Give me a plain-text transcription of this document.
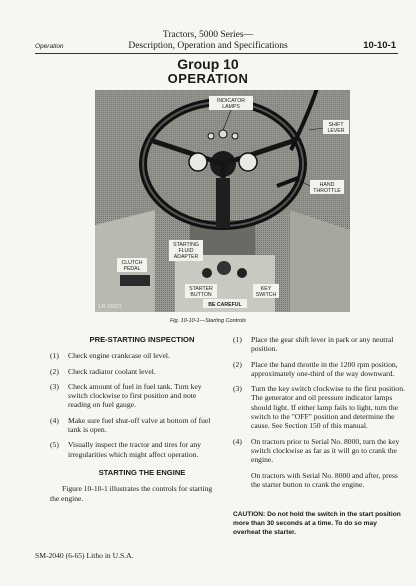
Operation
Tractors, 5000 Series—
Description, Operation and Specifications	10-10-1
Group 10
OPERATION
INDICATOR
LAMPS
SHIFT
LEVER
HAND
THROTTLE
STARTING
FLUID
ADAPTER
CLUTCH
PEDAL
STARTER
BUTTON
KEY
SWITCH
BE CAREFUL
LR 16021
Fig. 10-10-1—Starting Controls
PRE-STARTING INSPECTION
(1)	Check engine crankcase oil level.
(2)	Check radiator coolant level.
(3)	Check amount of fuel in fuel tank. Turn key switch clockwise to first position and note reading on fuel gauge.
(4)	Make sure fuel shut-off valve at bottom of fuel tank is open.
(5)	Visually inspect the tractor and tires for any irregularities which might affect operation.
STARTING THE ENGINE
Figure 10-10-1 illustrates the controls for starting the engine.
(1)	Place the gear shift lever in park or any neutral position.
(2)	Place the hand throttle in the 1200 rpm position, approximately one-third of the way downward.
(3)	Turn the key switch clockwise to the first position. The generator and oil pressure indicator lamps should light. If either lamp fails to light, turn the switch to the "OFF" position and determine the cause. See Section 150 of this manual.
(4)	On tractors prior to Serial No. 8000, turn the key switch clockwise as far as it will go to crank the engine.
On tractors with Serial No. 8000 and after, press the starter button to crank the engine.
CAUTION: Do not hold the switch in the start position more than 30 seconds at a time. To do so may overheat the starter.
SM-2040 (6-65) Litho in U.S.A.
